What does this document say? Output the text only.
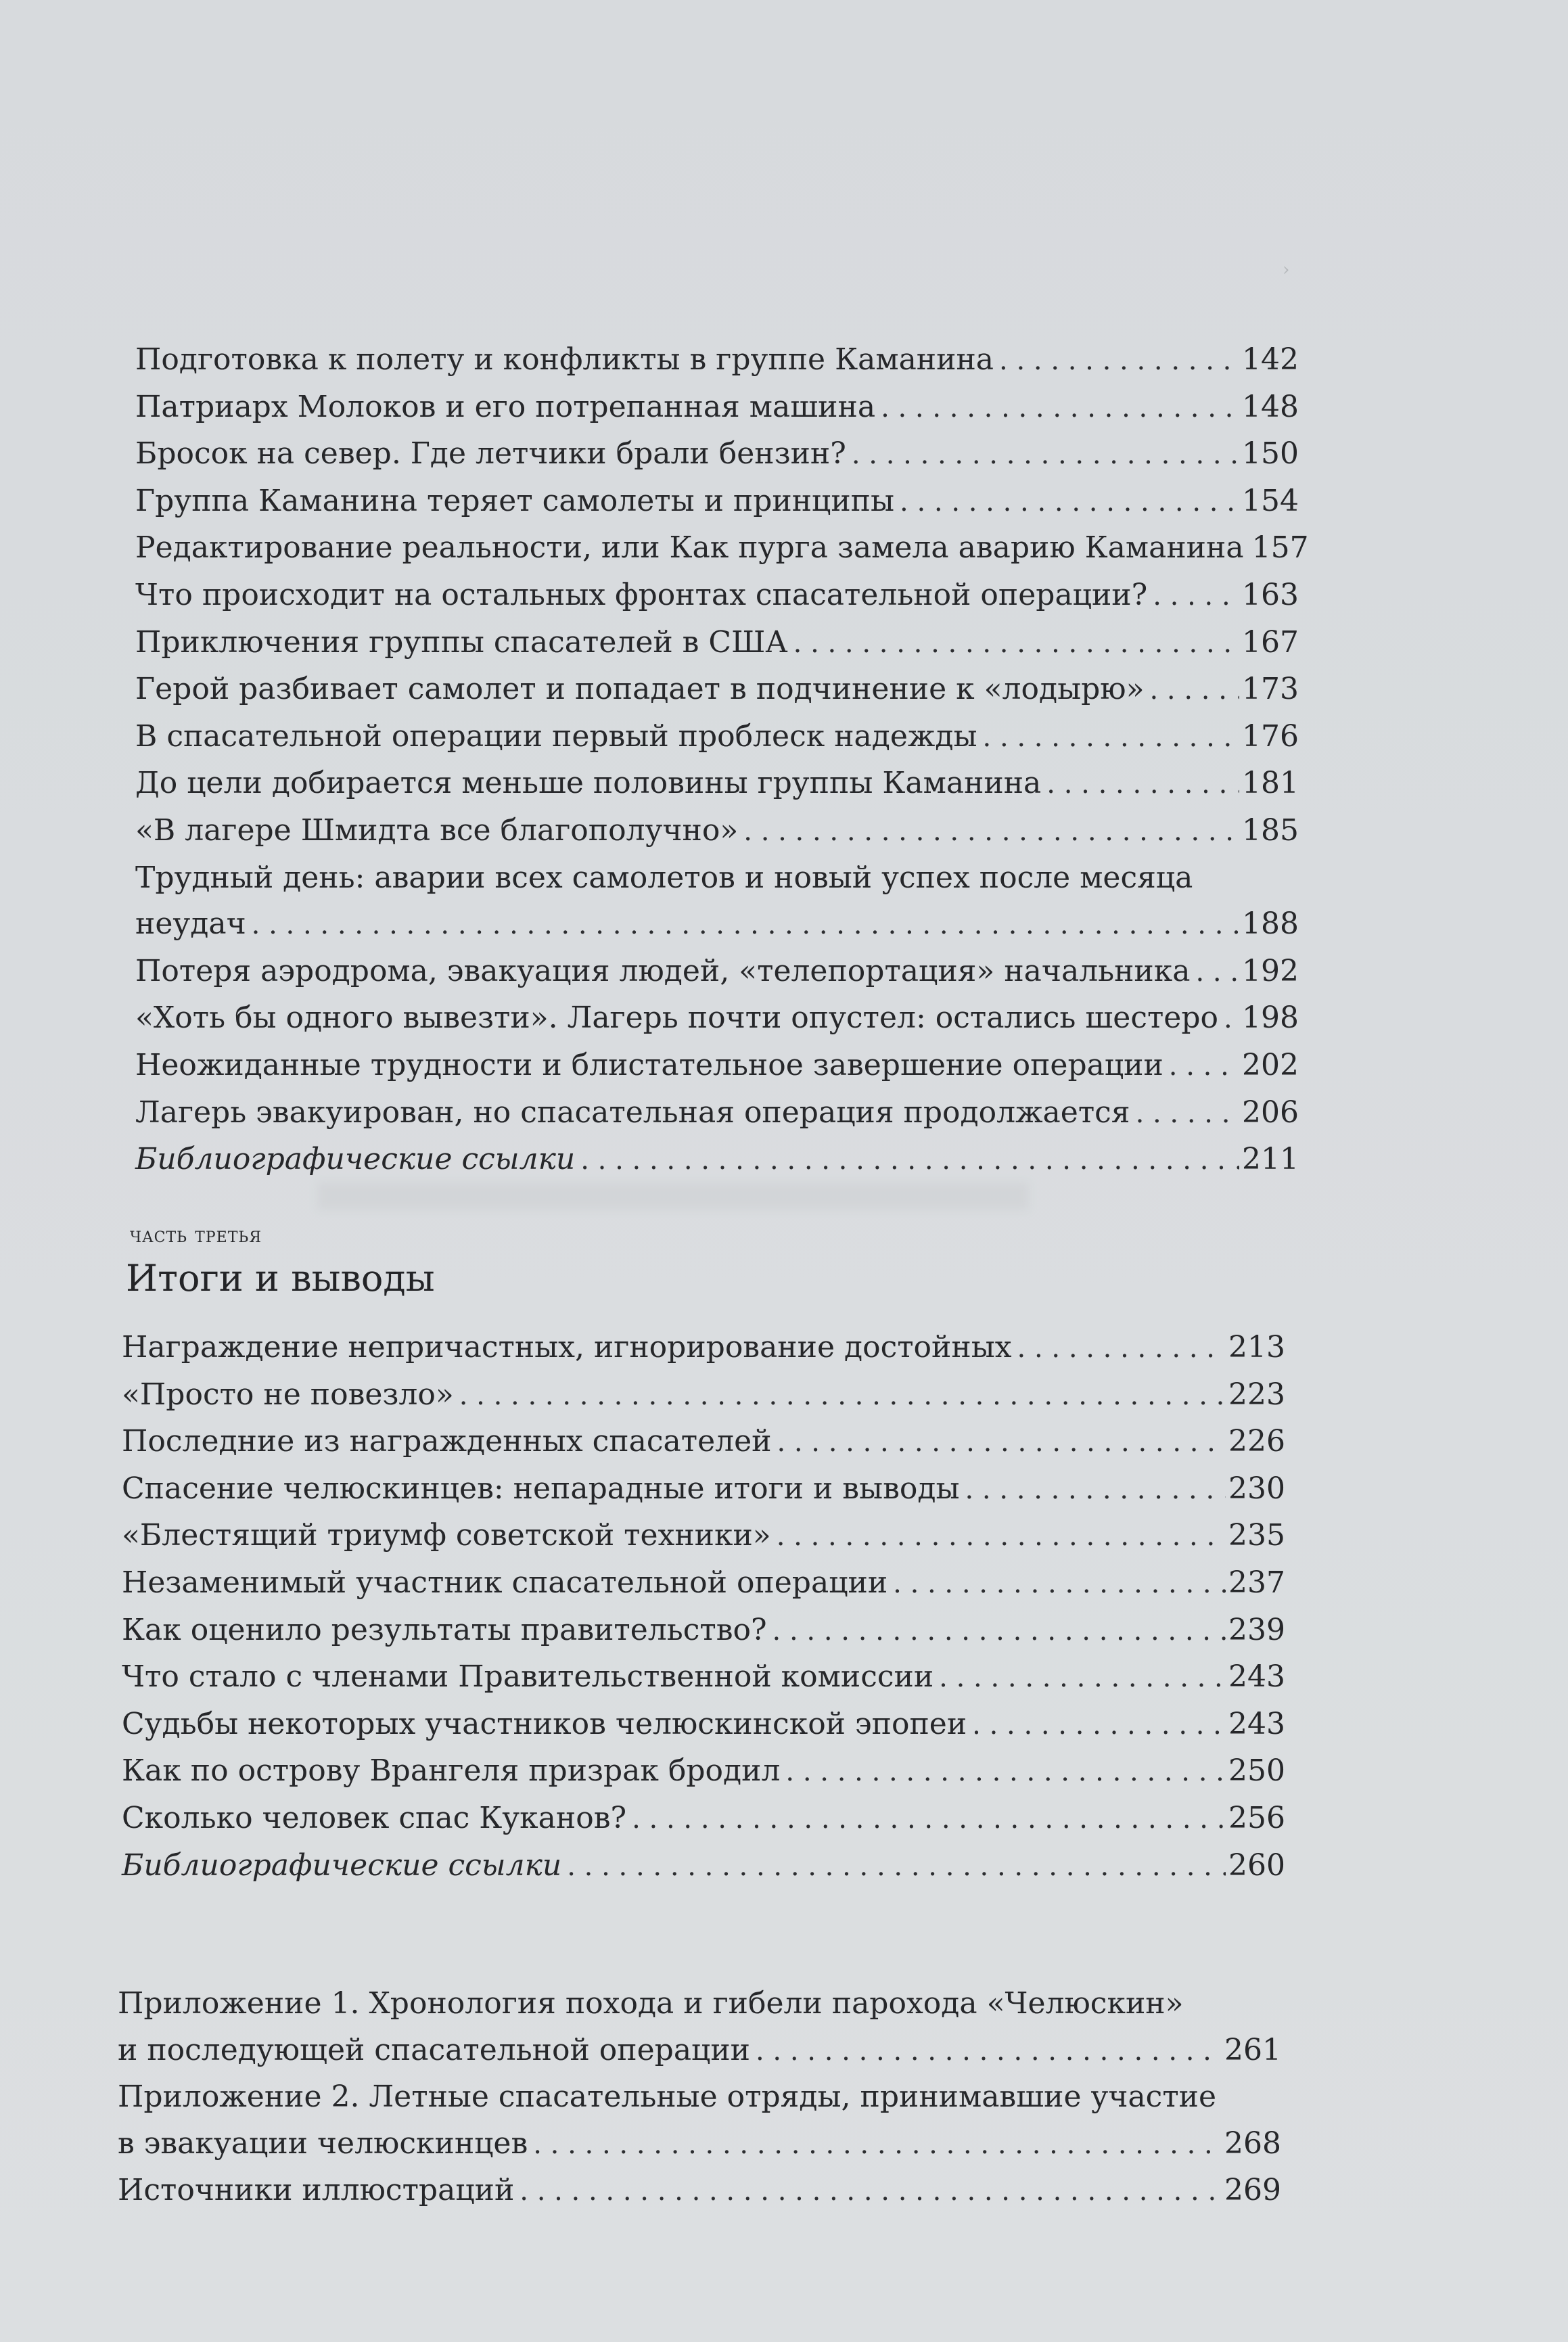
›
Подготовка к полету и конфликты в группе Каманина . . .	142
Патриарх Молоков и его потрепанная машина . . .	148
Бросок на север. Где летчики брали бензин? . . .	150
Группа Каманина теряет самолеты и принципы . . .	154
Редактирование реальности, или Как пурга замела аварию Каманина 157
Что происходит на остальных фронтах спасательной операции? . . .	163
Приключения группы спасателей в США . . .	167
Герой разбивает самолет и попадает в подчинение к «лодырю» . . .	173
В спасательной операции первый проблеск надежды . . .	176
До цели добирается меньше половины группы Каманина . . .	181
«В лагере Шмидта все благополучно» . . .	185
Трудный день: аварии всех самолетов и новый успех после месяца
неудач . . .	188
Потеря аэродрома, эвакуация людей, «телепортация» начальника . . . 192
«Хоть бы одного вывезти». Лагерь почти опустел: остались шестеро . . . 198
Неожиданные трудности и блистательное завершение операции . . .	202
Лагерь эвакуирован, но спасательная операция продолжается . . .	206
Библиографические ссылки . . .	211
часть третья
Итоги и выводы
Награждение непричастных, игнорирование достойных . . .	213
«Просто не повезло» . . .	223
Последние из награжденных спасателей . . .	226
Спасение челюскинцев: непарадные итоги и выводы . . .	230
«Блестящий триумф советской техники» . . .	235
Незаменимый участник спасательной операции . . .	237
Как оценило результаты правительство? . . .	239
Что стало с членами Правительственной комиссии . . .	243
Судьбы некоторых участников челюскинской эпопеи . . .	243
Как по острову Врангеля призрак бродил . . .	250
Сколько человек спас Куканов? . . .	256
Библиографические ссылки . . .	260
Приложение 1. Хронология похода и гибели парохода «Челюскин»
и последующей спасательной операции . . .	261
Приложение 2. Летные спасательные отряды, принимавшие участие
в эвакуации челюскинцев . . .	268
Источники иллюстраций . . .	269
